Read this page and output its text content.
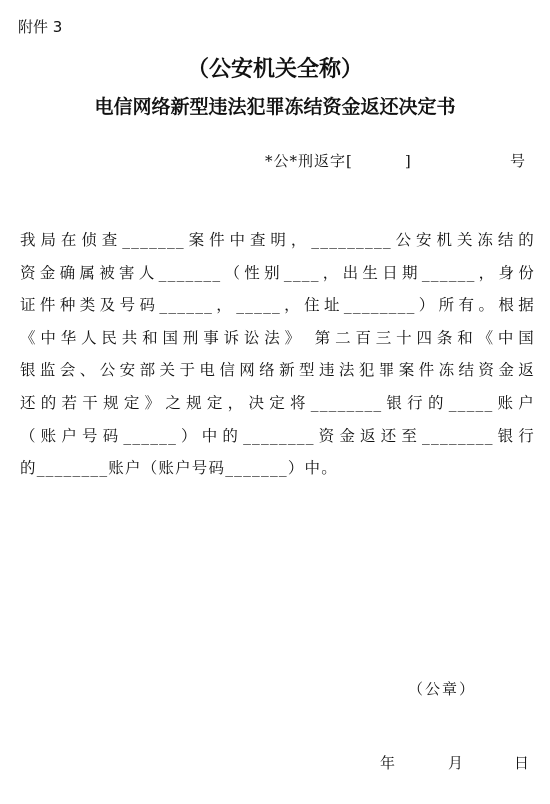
附件 3
（公安机关全称）
电信网络新型违法犯罪冻结资金返还决定书
*公*刑返字[	]	号
我局在侦查_______案件中查明，_________公安机关冻结的
资金确属被害人_______（性别____，出生日期______，身份
证件种类及号码______，_____，住址________）所有。根据
《中华人民共和国刑事诉讼法》 第二百三十四条和《中国
银监会、公安部关于电信网络新型违法犯罪案件冻结资金返
还的若干规定》之规定，决定将________银行的_____账户
（账户号码______）中的________资金返还至________银行
的________账户（账户号码_______）中。
（公章）
年	月	日
